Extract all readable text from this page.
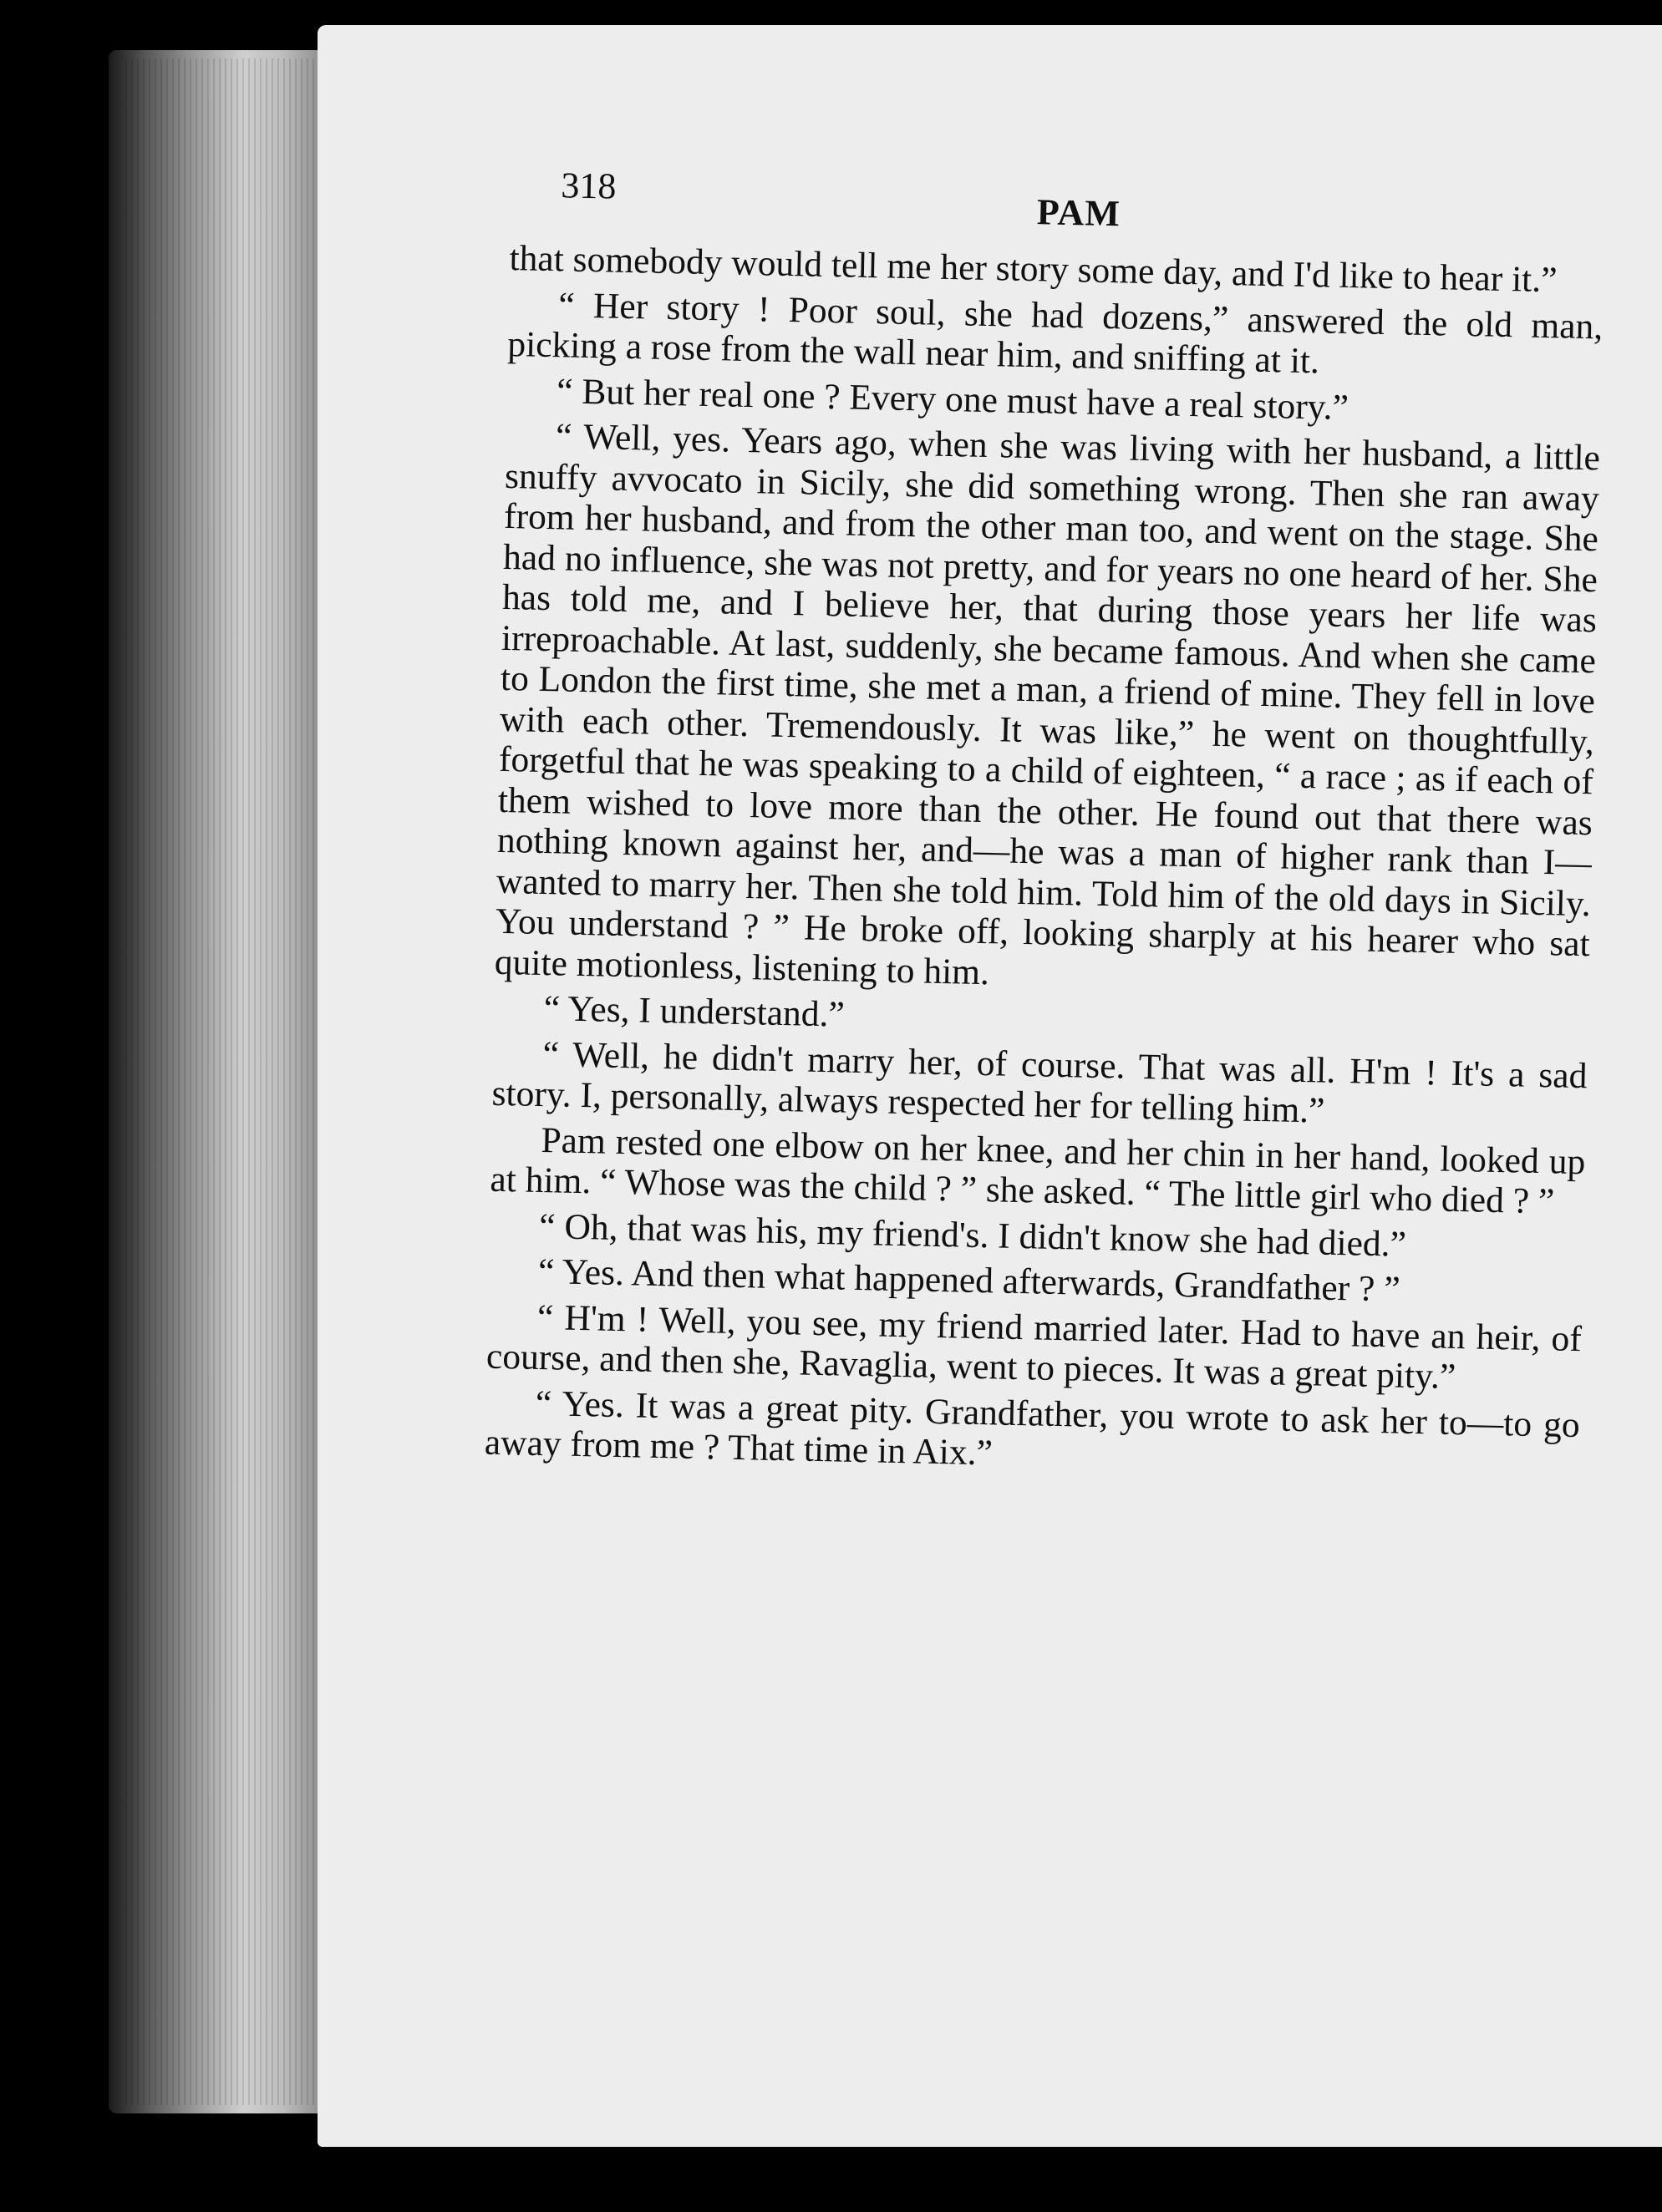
318
PAM

that somebody would tell me her story some day, and I'd like to hear it.”

“ Her story ! Poor soul, she had dozens,” answered the old man, picking a rose from the wall near him, and sniffing at it.

“ But her real one ? Every one must have a real story.”

“ Well, yes. Years ago, when she was living with her husband, a little snuffy avvocato in Sicily, she did something wrong. Then she ran away from her husband, and from the other man too, and went on the stage. She had no influence, she was not pretty, and for years no one heard of her. She has told me, and I believe her, that during those years her life was irreproachable. At last, suddenly, she became famous. And when she came to London the first time, she met a man, a friend of mine. They fell in love with each other. Tremendously. It was like,” he went on thoughtfully, forgetful that he was speaking to a child of eighteen, “ a race ; as if each of them wished to love more than the other. He found out that there was nothing known against her, and—he was a man of higher rank than I—wanted to marry her. Then she told him. Told him of the old days in Sicily. You understand ? ” He broke off, looking sharply at his hearer who sat quite motionless, listening to him.

“ Yes, I understand.”

“ Well, he didn't marry her, of course. That was all. H'm ! It's a sad story. I, personally, always respected her for telling him.”

Pam rested one elbow on her knee, and her chin in her hand, looked up at him. “ Whose was the child ? ” she asked. “ The little girl who died ? ”

“ Oh, that was his, my friend's. I didn't know she had died.”

“ Yes. And then what happened afterwards, Grandfather ? ”

“ H'm ! Well, you see, my friend married later. Had to have an heir, of course, and then she, Ravaglia, went to pieces. It was a great pity.”

“ Yes. It was a great pity. Grandfather, you wrote to ask her to—to go away from me ? That time in Aix.”
